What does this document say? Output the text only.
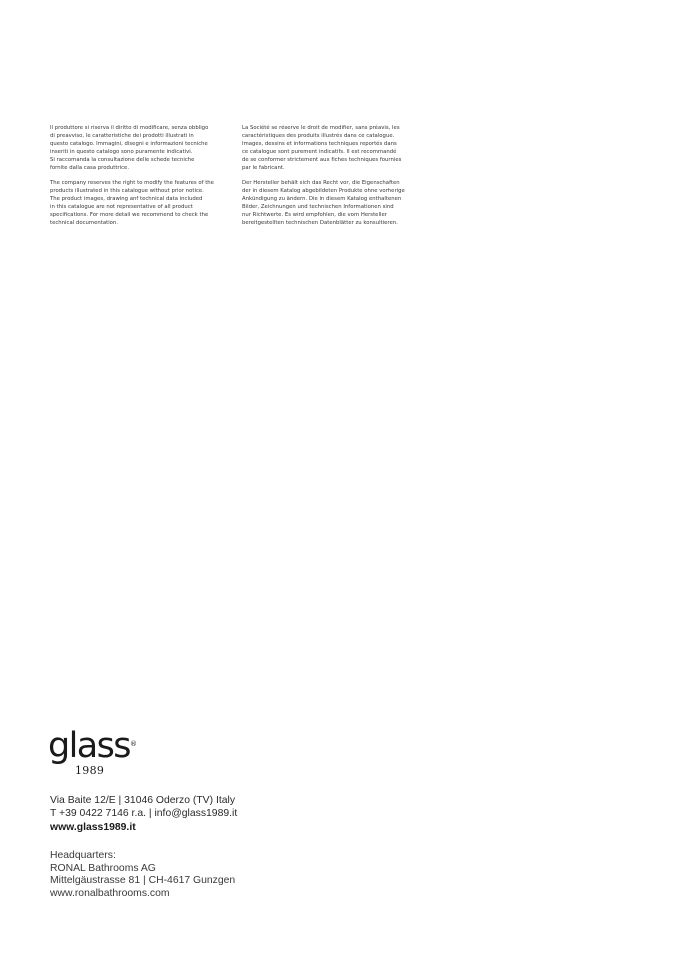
Il produttore si riserva il diritto di modificare, senza obbligo
di preavviso, le caratteristiche dei prodotti illustrati in
questo catalogo. Immagini, disegni e informazioni tecniche
inseriti in questo catalogo sono puramente indicativi.
Si raccomanda la consultazione delle schede tecniche
fornite dalla casa produttrice.

The company reserves the right to modify the features of the
products illustrated in this catalogue without prior notice.
The product images, drawing anf technical data included
in this catalogue are not representative of all product
specifications. For more detail we recommend to check the
technical documentation.

La Société se réserve le droit de modifier, sans préavis, les
caractéristiques des produits illustrés dans ce catalogue.
Images, dessins et informations techniques reportés dans
ce catalogue sont purement indicatifs. Il est recommandé
de se conformer strictement aux fiches techniques fournies
par le fabricant.

Der Hersteller behält sich das Recht vor, die Eigenschaften
der in diesem Katalog abgebildeten Produkte ohne vorherige
Ankündigung zu ändern. Die in diesem Katalog enthaltenen
Bilder, Zeichnungen und technischen Informationen sind
nur Richtwerte. Es wird empfohlen, die vom Hersteller
bereitgestellten technischen Datenblätter zu konsultieren.

glass ®
1989
Via Baite 12/E | 31046 Oderzo (TV) Italy
T +39 0422 7146 r.a. | info@glass1989.it
www.glass1989.it
Headquarters:
RONAL Bathrooms AG
Mittelgäustrasse 81 | CH-4617 Gunzgen
www.ronalbathrooms.com
